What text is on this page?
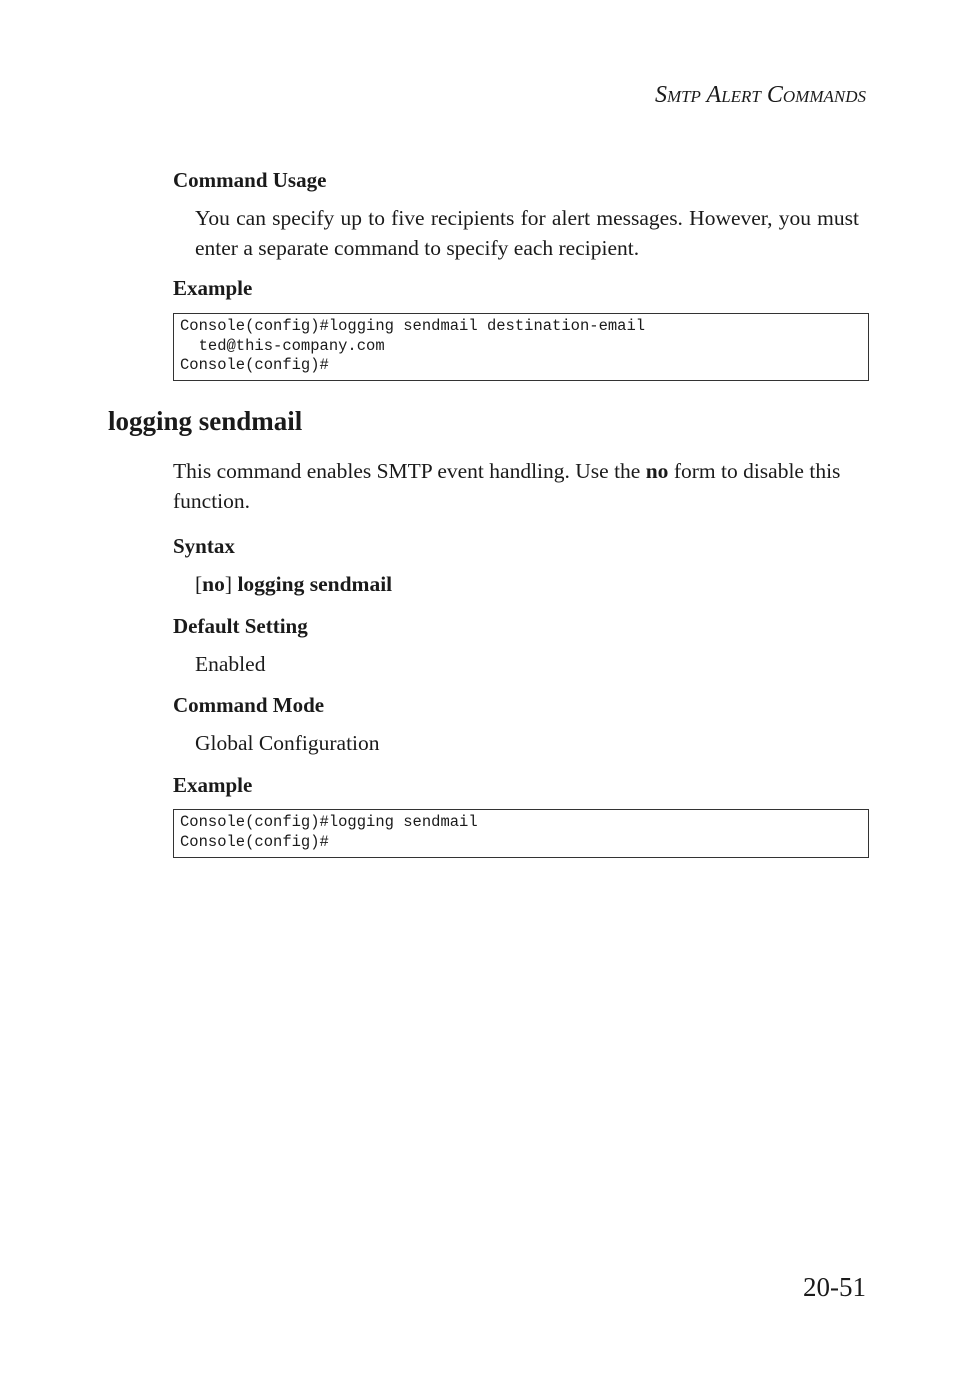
SMTP ALERT COMMANDS
Command Usage
You can specify up to five recipients for alert messages. However, you must enter a separate command to specify each recipient.
Example
Console(config)#logging sendmail destination-email
ted@this-company.com
Console(config)#
logging sendmail
This command enables SMTP event handling. Use the no form to disable this function.
Syntax
[no] logging sendmail
Default Setting
Enabled
Command Mode
Global Configuration
Example
Console(config)#logging sendmail
Console(config)#
20-51
